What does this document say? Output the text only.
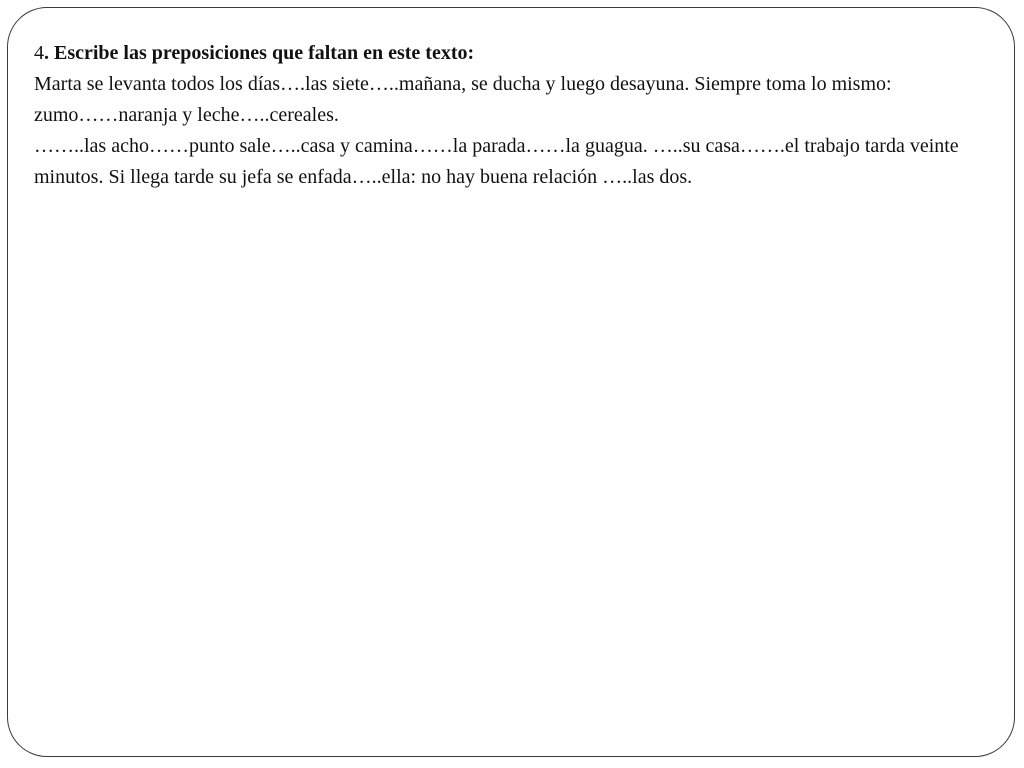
4. Escribe las preposiciones que faltan en este texto:

Marta se levanta todos los días….las siete…..mañana, se ducha y luego desayuna. Siempre toma lo mismo: zumo……naranja y leche…..cereales.

……..las acho……punto sale…..casa y camina……la parada……la guagua. …..su casa…….el trabajo tarda veinte minutos. Si llega tarde su jefa se enfada…..ella: no hay buena relación …..las dos.
